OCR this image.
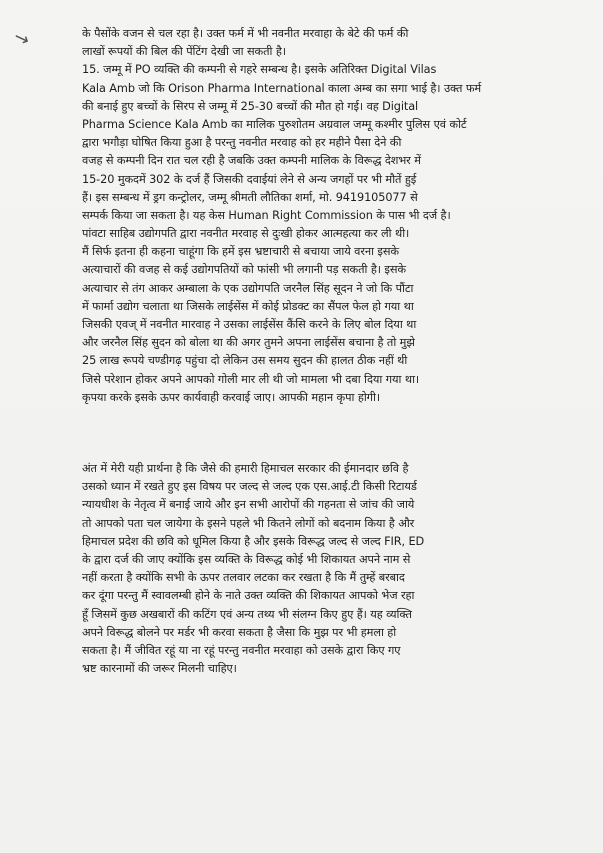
↘	के पैसोंके वजन से चल रहा है। उक्त फर्म में भी नवनीत मरवाहा के बेटे की फर्म की
लाखों रूपयों की बिल की पेंटिंग देखी जा सकती है।
15. जम्मू में PO व्यक्ति की कम्पनी से गहरे सम्बन्ध है। इसके अतिरिक्त Digital Vilas
Kala Amb जो कि Orison Pharma International काला अम्ब का सगा भाई है। उक्त फर्म
की बनाई हुए बच्चों के सिरप से जम्मू में 25-30 बच्चों की मौत हो गई। वह Digital
Pharma Science Kala Amb का मालिक पुरुशोतम अग्रवाल जम्मू कश्मीर पुलिस एवं कोर्ट
द्वारा भगौड़ा घोषित किया हुआ है परन्तु नवनीत मरवाह को हर महीने पैसा देने की
वजह से कम्पनी दिन रात चल रही है जबकि उक्त कम्पनी मालिक के विरूद्ध देशभर में
15-20 मुकदमें 302 के दर्ज हैं जिसकी दवाईयां लेने से अन्य जगहों पर भी मौतें हुई
हैं। इस सम्बन्ध में ड्रग कन्ट्रोलर, जम्मू श्रीमती लौतिका शर्मा, मो. 9419105077 से
सम्पर्क किया जा सकता है। यह केस Human Right Commission के पास भी दर्ज है।
पांवटा साहिब उद्योगपति द्वारा नवनीत मरवाह से दुःखी होकर आत्महत्या कर ली थी।
मैं सिर्फ इतना ही कहना चाहूंगा कि हमें इस भ्रष्टाचारी से बचाया जाये वरना इसके
अत्याचारों की वजह से कई उद्योगपतियों को फांसी भी लगानी पड़ सकती है। इसके
अत्याचार से तंग आकर अम्बाला के एक उद्योगपति जरनैल सिंह सूदन ने जो कि पौंटा
में फार्मा उद्योग चलाता था जिसके लाईसेंस में कोई प्रोडक्ट का सैंपल फेल हो गया था
जिसकी एवज् में नवनीत मारवाह ने उसका लाईसेंस कैंसि करने के लिए बोल दिया था
और जरनैल सिंह सुदन को बोला था की अगर तुमने अपना लाईसेंस बचाना है तो मुझे
25 लाख रूपये चण्डीगढ़ पहुंचा दो लेकिन उस समय सुदन की हालत ठीक नहीं थी
जिसे परेशान होकर अपने आपको गोली मार ली थी जो मामला भी दबा दिया गया था।
कृपया करके इसके ऊपर कार्यवाही करवाई जाए। आपकी महान कृपा होगी।
अंत में मेरी यही प्रार्थना है कि जैसे की हमारी हिमाचल सरकार की ईमानदार छवि है
उसको ध्यान में रखते हुए इस विषय पर जल्द से जल्द एक एस.आई.टी किसी रिटायर्ड
न्यायधीश के नेतृत्व में बनाई जाये और इन सभी आरोपों की गहनता से जांच की जाये
तो आपको पता चल जायेगा के इसने पहले भी कितने लोगों को बदनाम किया है और
हिमाचल प्रदेश की छवि को धूमिल किया है और इसके विरूद्ध जल्द से जल्द FIR, ED
के द्वारा दर्ज की जाए क्योंकि इस व्यक्ति के विरूद्ध कोई भी शिकायत अपने नाम से
नहीं करता है क्योंकि सभी के ऊपर तलवार लटका कर रखता है कि मैं तुम्हें बरबाद
कर दूंगा परन्तु मैं स्वावलम्बी होने के नाते उक्त व्यक्ति की शिकायत आपको भेज रहा
हूँ जिसमें कुछ अखबारों की कटिंग एवं अन्य तथ्य भी संलग्न किए हुए हैं। यह व्यक्ति
अपने विरूद्ध बोलने पर मर्डर भी करवा सकता है जैसा कि मुझ पर भी हमला हो
सकता है। मैं जीवित रहूं या ना रहूं परन्तु नवनीत मरवाहा को उसके द्वारा किए गए
भ्रष्ट कारनामों की जरूर मिलनी चाहिए।
